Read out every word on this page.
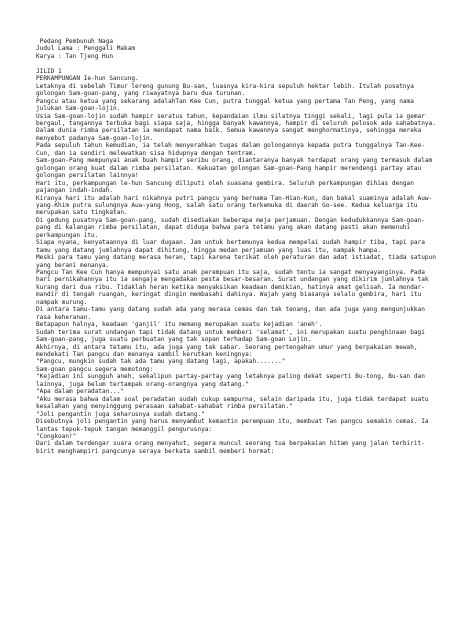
Pedang Pembunuh Naga
Judul Lama : Penggali Makam
Karya : Tan Tjeng Hun
JILID 1

PERKAMPUNGAN Ie-hun Sancung.

Letaknya di sebelah Timur lereng gunung Bu-san, luasnya kira-kira sepuluh hektar lebih. Itulah pusatnya golongan Sam-goan-pang, yang riwayatnya baru dua turunan.

Pangcu atau ketua yang sekarang adalahTan Kee Cun, putra tunggal ketua yang pertama Tan Peng, yang nama julukan Sam-goan-lojin.

Usia Sam-goan-lojin sudah hampir seratus tahun, kepandaian ilmu silatnya tinggi sekali, lagi pula ia gemar bergaul, tangannya terbuka bagi siapa saja, hingga banyak kawannya, hampir di seluruh pelosok ada sahabatnya. Dalam dunia rimba persilatan ia mendapat nama baik. Semua kawannya sangat menghormatinya, sehingga mereka menyebut padanya Sam-goan-lojin.

Pada sepuluh tahun kemudian, ia telah menyerahkan tugas dalam golongannya kepada putra tunggalnya Tan-Kee-Cun, dan ia sendiri melewatkan sisa hidupnya dengan tentram.

Sam-goan-Pang mempunyai anak buah hampir seribu orang, diantaranya banyak terdapat orang yang termasuk dalam golongan orang kuat dalam rimba persilatan. Kekuatan golongan Sam-goan-Pang hampir merendengi partay atau golongan persilatan lainnya!

Hari itu, perkampungan le-hun Sancung diliputi oleh suasana gembira. Seluruh perkampungan dihias dengan pajangan indah-indah.

Kiranya hari itu adalah hari nikahnya putri pangcu yang bernama Tan-Hian-Kun, dan bakal suaminya adalah Auw-yang-Khim putra sulungnya Auw-yang Hong, salah satu orang terkemuka di daerah Go-see. Kedua keluarga itu merupakan satu tingkatan.

Di gedung pusatnya Sam-goan-pang, sudah disediakan beberapa meja perjamuan. Dengan kedudukkannya Sam-goan-pang di kalangan rimba persilatan, dapat diduga bahwa para tetamu yang akan datang pasti akan memenuhi perkampungan itu.

Siapa nyana, kenyataannya di luar dugaan. Jam untuk bertemunya kedua mempelai sudah hampir tiba, tapi para tamu yang datang jumlahnya dapat dihitung, hingga medan perjamuan yang luas itu, nampak hampa.

Meski para tamu yang datang merasa heran, tapi karena terikat oleh peraturan dan adat istiadat, tiada satupun yang berani menanya.

Pangcu Tan Kee Cun hanya mempunyai satu anak perempuan itu saja, sudah tentu ia sangat menyayanginya. Pada hari pernikahannya itu ia sengaja mengadakan pesta besar-besaran. Surat undangan yang dikirim jumlahnya tak kurang dari dua ribu. Tidaklah heran ketika menyaksikan keadaan demikian, hatinya amat gelisah. Ia mondar-mandir di tengah ruangan, keringat dingin membasahi dahinya. Wajah yang biasanya selalu gembira, hari itu nampak murung.

Di antara tamu-tamu yang datang sudah ada yang merasa cemas dan tak tenang, dan ada juga yang mengunjukkan rasa keheranan.

Betapapun halnya, keadaan 'ganjil' itu memang merupakan suatu kejadian 'aneh'.

Sudah terima surat undangan tapi tidak datang untuk memberi 'selamat', ini merupakan suatu penghinaan bagi Sam-goan-pang, juga suatu perbuatan yang tak sopan terhadap Sam-goan Lojin.

Akhirnya, di antara tetamu itu, ada juga yang tak sabar. Seorang pertengahan umur yang berpakaian mewah, mendekati Tan pangcu dan menanya sambil kerutkan keningnya:

"Pangcu, mungkin sudah tak ada tamu yang datang lagi, apakah......."

Sam-goan pangcu segera memotong:

"Kejadian ini sungguh aneh, sekalipun partay-partay yang letaknya paling dekat seperti Bu-tong, Bu-san dan lainnya, juga belum tertampak orang-orangnya yang datang."

"Apa dalam peradatan..."

"Aku merasa bahwa dalam soal peradatan sudah cukup sempurna, selain daripada itu, juga tidak terdapat suatu kesalahan yang menyinggung perasaan sahabat-sahabat rimba persilatan."

"Joli pengantin juga seharusnya sudah datang."

Disebutnya joli pengantin yang harus menyambut kemantin perempuan itu, membuat Tan pangcu semakin cemas. Ia lantas tepuk-tepuk tangan memanggil pengurusnya:

"Congkoan!"

Dari dalam terdengar suara orang menyahut, segera muncul seorang tua berpakaian hitam yang jalan terbirit-birit menghampiri pangcunya seraya berkata sambil memberi hormat:
